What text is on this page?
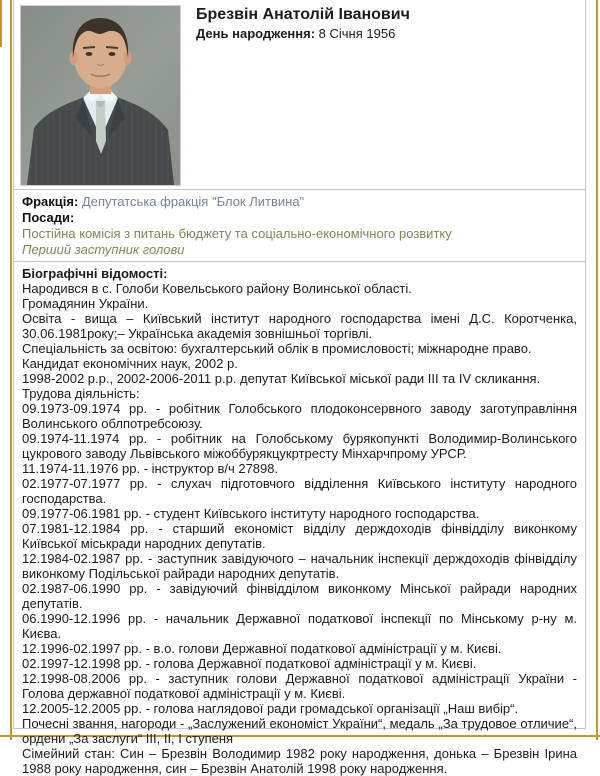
Брезвін Анатолій Іванович
День народження: 8 Січня 1956
Фракція: Депутатська фракція "Блок Литвина"
Посади:
Постійна комісія з питань бюджету та соціально-економічного розвитку
Перший заступник голови
Біографічні відомості:
Народився в с. Голоби Ковельського району Волинської області.
Громадянин України.
Освіта - вища – Київський інститут народного господарства імені Д.С. Коротченка, 30.06.1981року;– Українська академія зовнішньої торгівлі.
Спеціальність за освітою: бухгалтерський облік в промисловості; міжнародне право.
Кандидат економічних наук, 2002 р.
1998-2002 р.р., 2002-2006-2011 р.р. депутат Київської міської ради III та IV скликання.
Трудова діяльність:
09.1973-09.1974 рр. - робітник Голобського плодоконсервного заводу заготуправління Волинського облпотребсоюзу.
09.1974-11.1974 рр. - робітник на Голобському бурякопункті Володимир-Волинського цукрового заводу Львівського міжоббурякцукртресту Мінхарчпрому УРСР.
11.1974-11.1976 рр. - інструктор в/ч 27898.
02.1977-07.1977 рр. - слухач підготовчого відділення Київського інституту народного господарства.
09.1977-06.1981 рр. - студент Київського інституту народного господарства.
07.1981-12.1984 рр. - старший економіст відділу держдоходів фінвідділу виконкому Київської міськради народних депутатів.
12.1984-02.1987 рр. - заступник завідуючого – начальник інспекції держдоходів фінвідділу виконкому Подільської райради народних депутатів.
02.1987-06.1990 рр. - завідуючий фінвідділом виконкому Мінської райради народних депутатів.
06.1990-12.1996 рр. - начальник Державної податкової інспекції по Мінському р-ну м. Києва.
12.1996-02.1997 рр. - в.о. голови Державної податкової адміністрації у м. Києві.
02.1997-12.1998 рр. - голова Державної податкової адміністрації у м. Києві.
12.1998-08.2006 рр. - заступник голови Державної податкової адміністрації України - Голова державної податкової адміністрації у м. Києві.
12.2005-12.2005 рр. - голова наглядової ради громадської організації „Наш вибір“.
Почесні звання, нагороди - „Заслужений економіст України“, медаль „За трудовое отличие“, ордени „За заслуги“ III, II, I ступеня
Сімейний стан: Син – Брезвін Володимир 1982 року народження, донька – Брезвін Ірина 1988 року народження, син – Брезвін Анатолій 1998 року народження.
